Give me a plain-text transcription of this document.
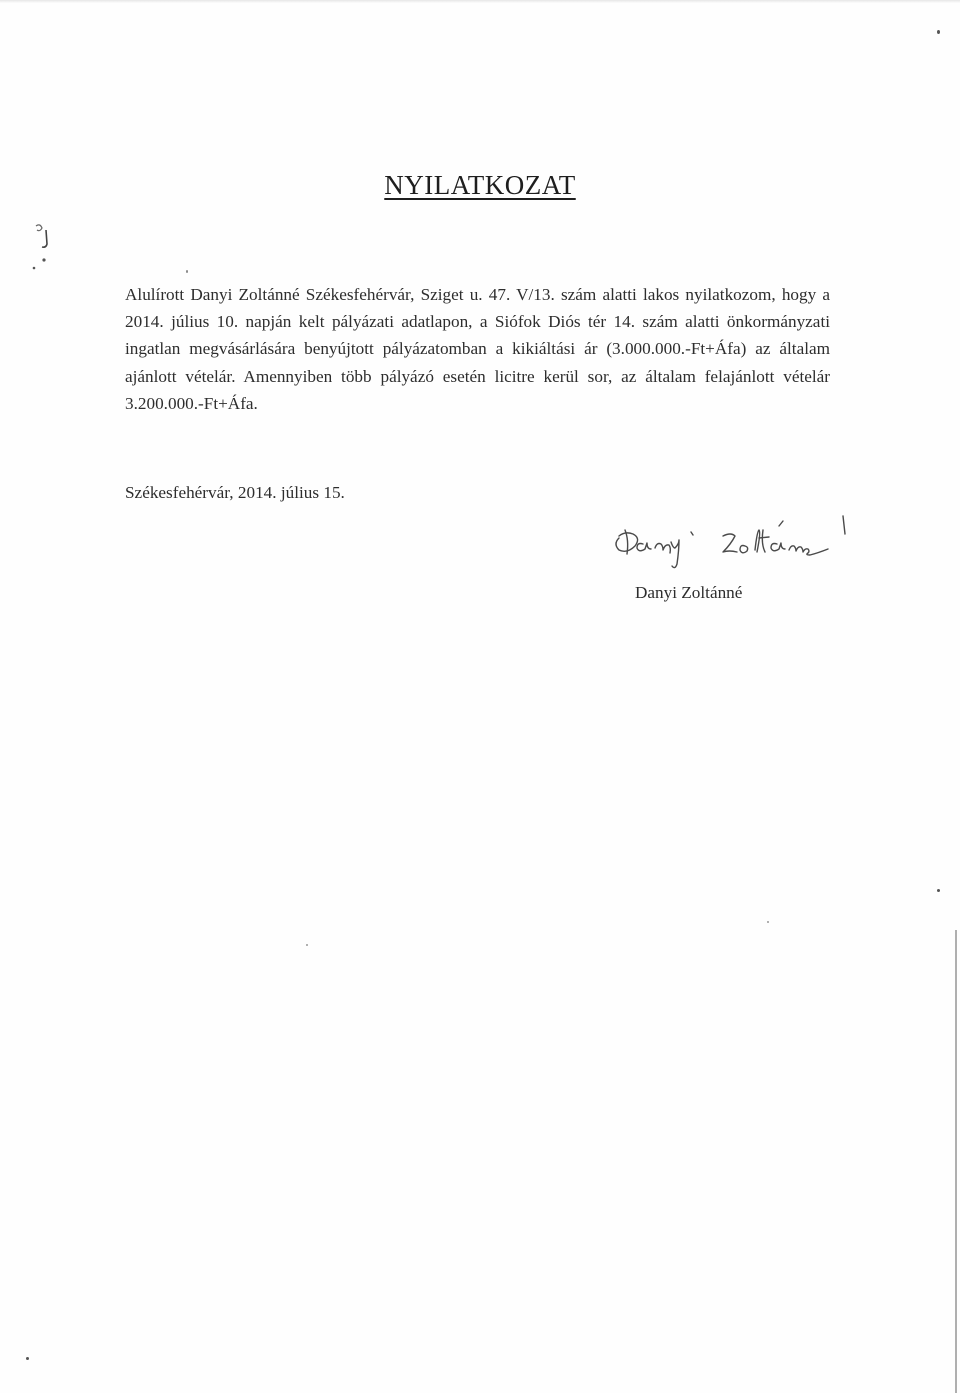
NYILATKOZAT

Alulírott Danyi Zoltánné Székesfehérvár, Sziget u. 47. V/13. szám alatti lakos nyilatkozom, hogy a 2014. július 10. napján kelt pályázati adatlapon, a Siófok Diós tér 14. szám alatti önkormányzati ingatlan megvásárlására benyújtott pályázatomban a kikiáltási ár (3.000.000.-Ft+Áfa) az általam ajánlott vételár. Amennyiben több pályázó esetén licitre kerül sor, az általam felajánlott vételár 3.200.000.-Ft+Áfa.

Székesfehérvár, 2014. július 15.

Danyi Zoltánné
